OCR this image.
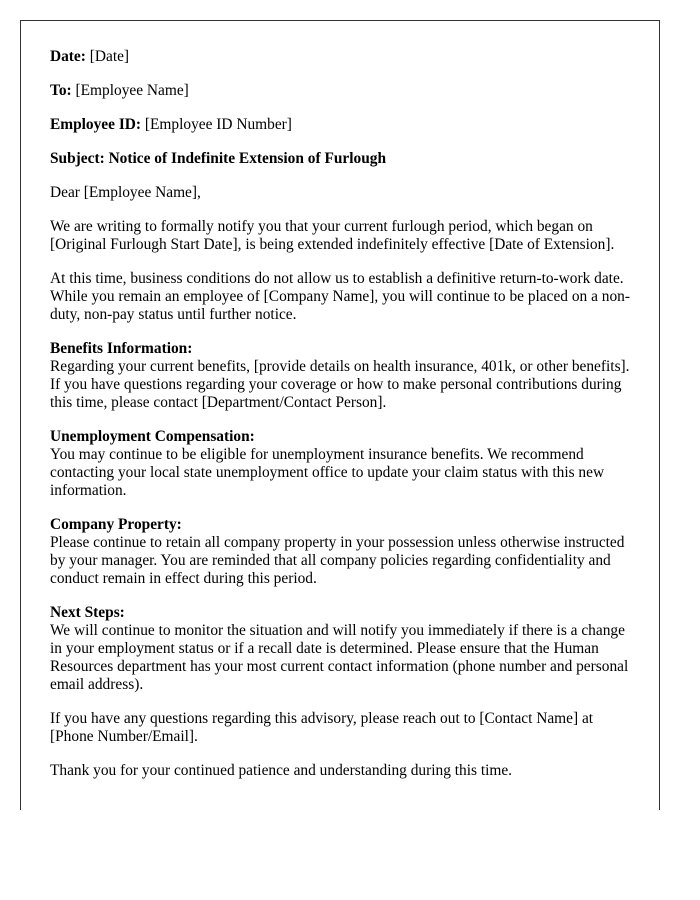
Date: [Date]

To: [Employee Name]

Employee ID: [Employee ID Number]

Subject: Notice of Indefinite Extension of Furlough

Dear [Employee Name],

We are writing to formally notify you that your current furlough period, which began on [Original Furlough Start Date], is being extended indefinitely effective [Date of Extension].

At this time, business conditions do not allow us to establish a definitive return-to-work date. While you remain an employee of [Company Name], you will continue to be placed on a non-duty, non-pay status until further notice.

Benefits Information:
Regarding your current benefits, [provide details on health insurance, 401k, or other benefits]. If you have questions regarding your coverage or how to make personal contributions during this time, please contact [Department/Contact Person].

Unemployment Compensation:
You may continue to be eligible for unemployment insurance benefits. We recommend contacting your local state unemployment office to update your claim status with this new information.

Company Property:
Please continue to retain all company property in your possession unless otherwise instructed by your manager. You are reminded that all company policies regarding confidentiality and conduct remain in effect during this period.

Next Steps:
We will continue to monitor the situation and will notify you immediately if there is a change in your employment status or if a recall date is determined. Please ensure that the Human Resources department has your most current contact information (phone number and personal email address).

If you have any questions regarding this advisory, please reach out to [Contact Name] at [Phone Number/Email].

Thank you for your continued patience and understanding during this time.
